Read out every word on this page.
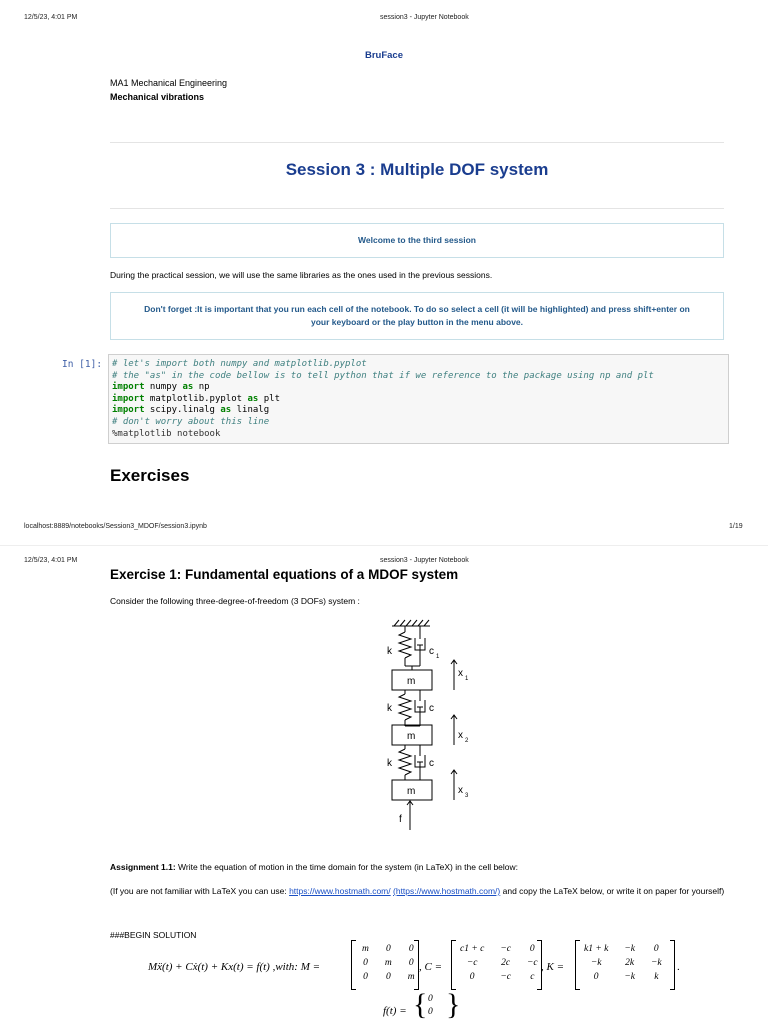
12/5/23, 4:01 PM	session3 - Jupyter Notebook
BruFace
MA1 Mechanical Engineering
Mechanical vibrations
Session 3 : Multiple DOF system
Welcome to the third session
During the practical session, we will use the same libraries as the ones used in the previous sessions.
Don't forget :It is important that you run each cell of the notebook. To do so select a cell (it will be highlighted) and press shift+enter on your keyboard or the play button in the menu above.
In [1]:	# let's import both numpy and matplotlib.pyplot
# the "as" in the code bellow is to tell python that if we reference to the package using np and plt
import numpy as np
import matplotlib.pyplot as plt
import scipy.linalg as linalg
# don't worry about this line
%matplotlib notebook
Exercises
localhost:8889/notebooks/Session3_MDOF/session3.ipynb	1/19
12/5/23, 4:01 PM	session3 - Jupyter Notebook
Exercise 1: Fundamental equations of a MDOF system
Consider the following three-degree-of-freedom (3 DOFs) system :
k	c 1
m
x 1
k	c
m	x 2
k	c
m	x 3
f
Assignment 1.1: Write the equation of motion in the time domain for the system (in LaTeX) in the cell below:
(If you are not familiar with LaTeX you can use: https://www.hostmath.com/ (https://www.hostmath.com/) and copy the LaTeX below, or write it on paper for yourself)
###BEGIN SOLUTION
Mẍ(t) + Cẋ(t) + Kx(t) = f(t) ,with: M =
m	0	0
0	m	0
0	0	m
, C =
c1 + c	−c	0
−c	2c	−c
0	−c	c
, K =
k1 + k	−k	0
−k	2k	−k
0	−k	k
.
f(t) = { 0
0 }
